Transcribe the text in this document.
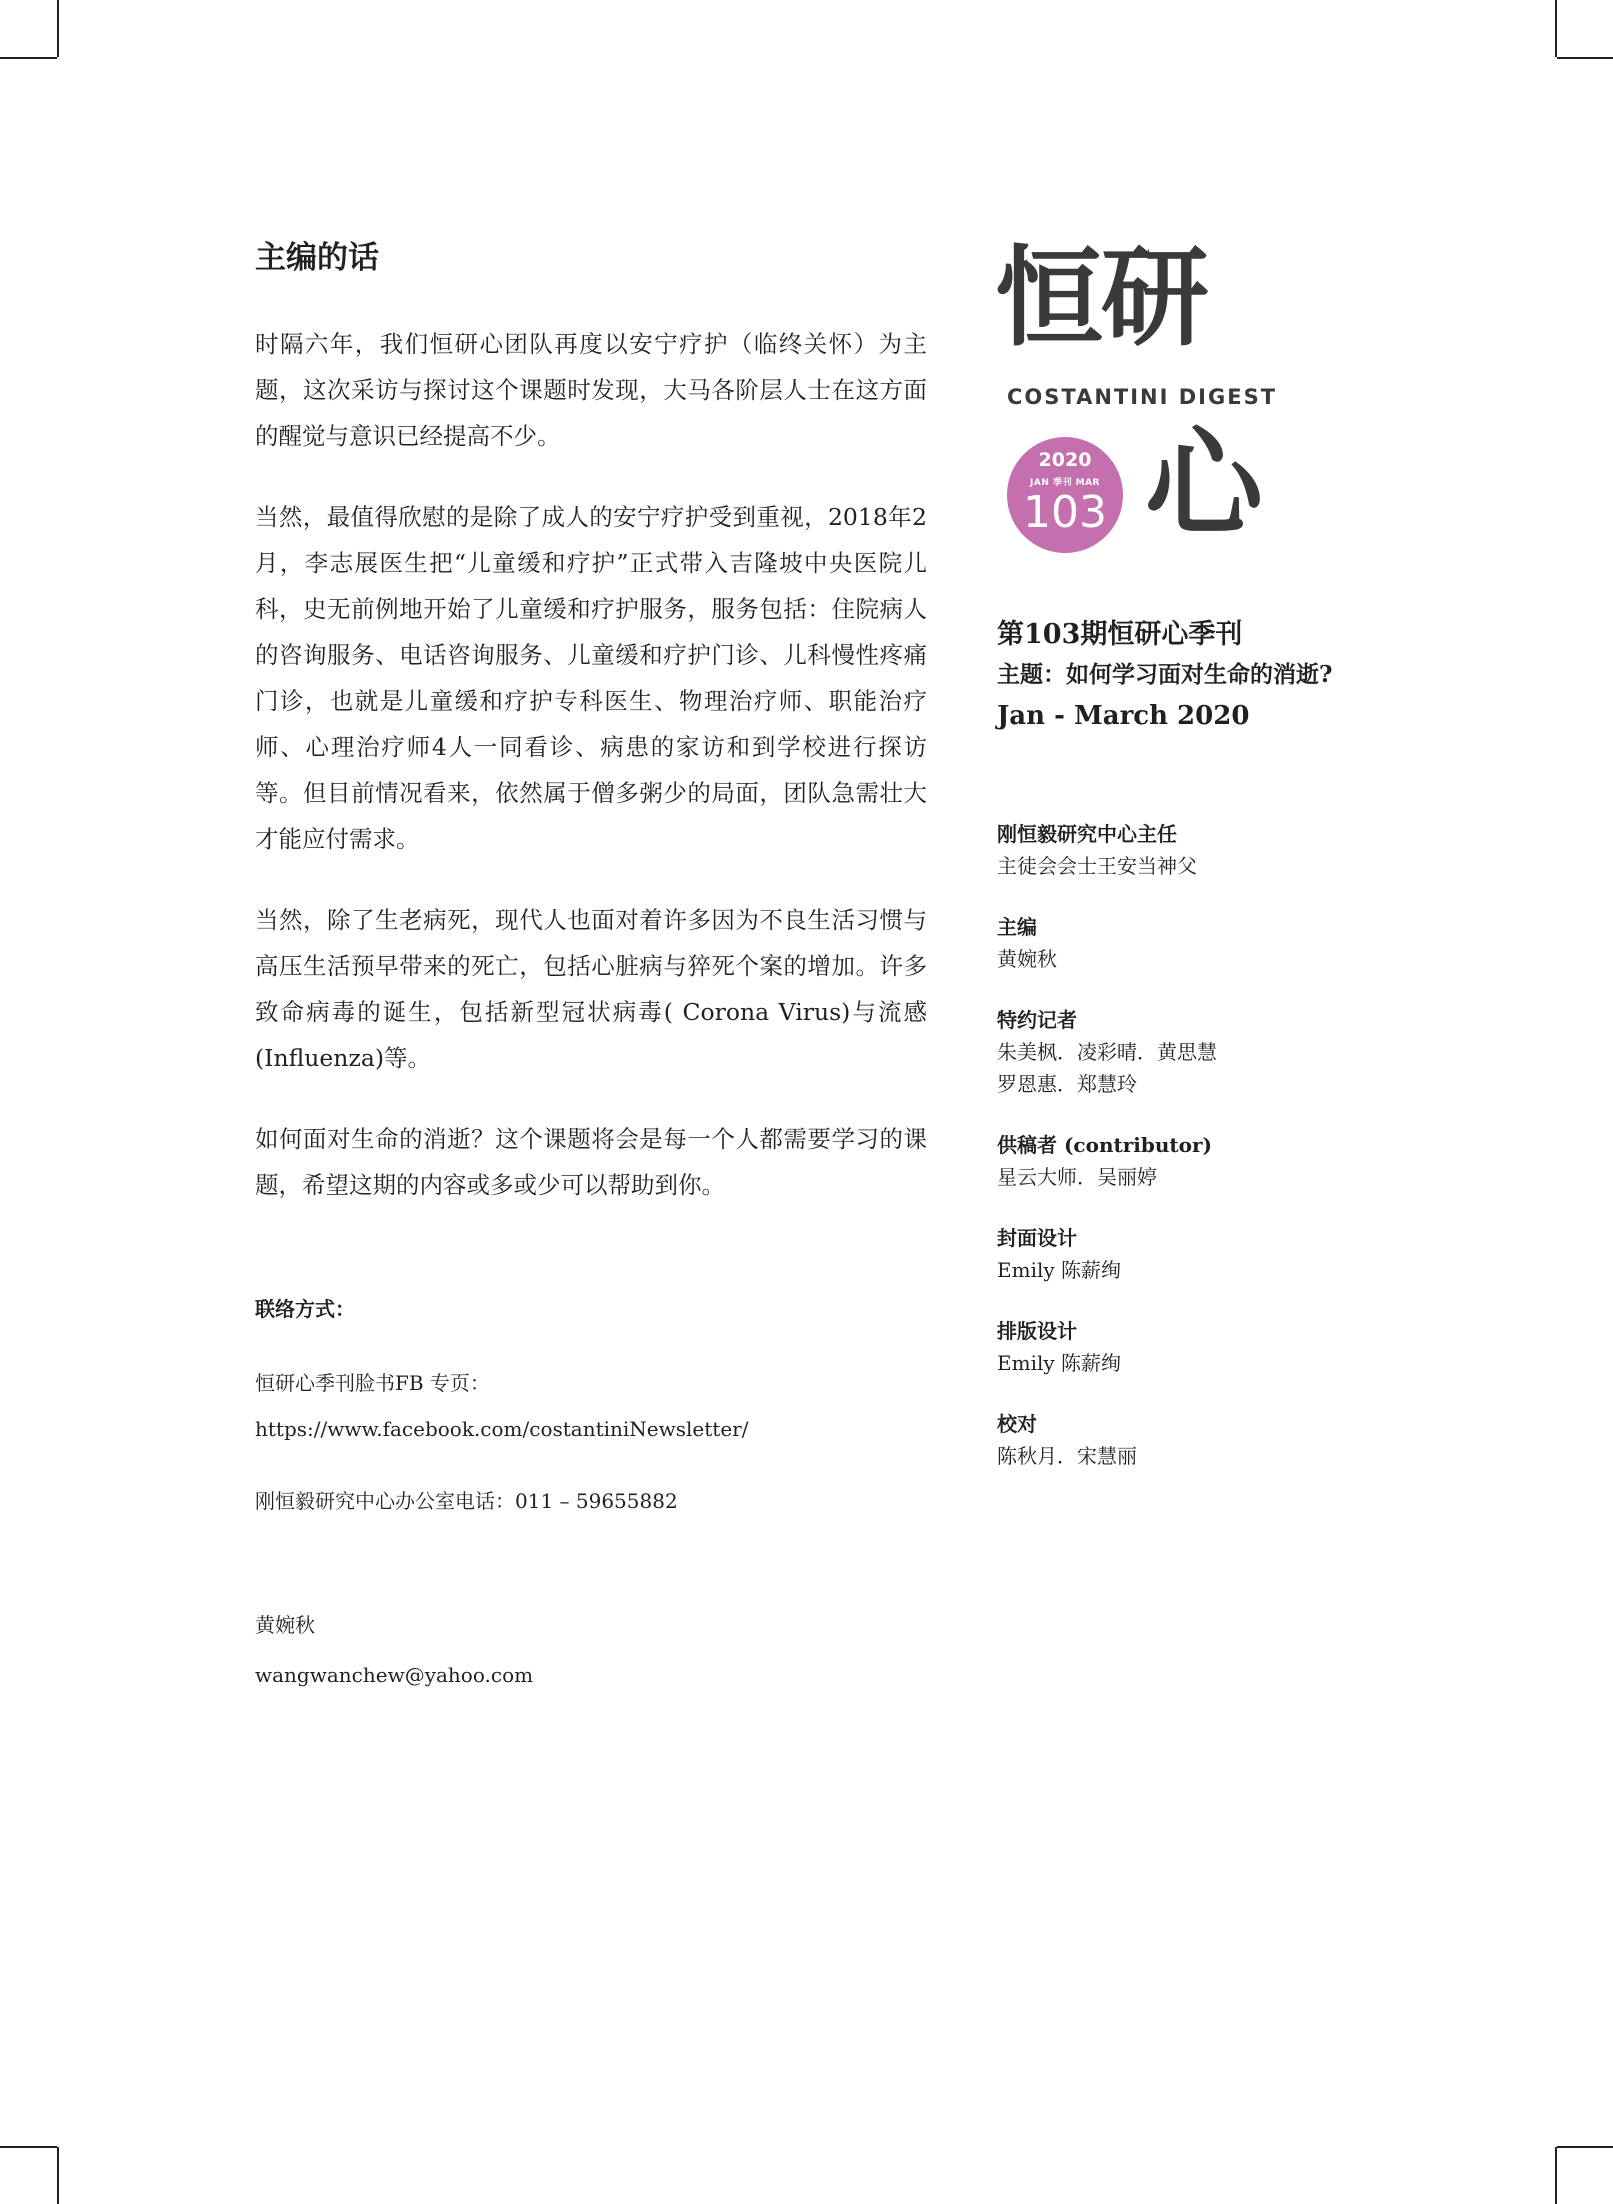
主编的话

时隔六年，我们恒研心团队再度以安宁疗护（临终关怀）为主题，这次采访与探讨这个课题时发现，大马各阶层人士在这方面的醒觉与意识已经提高不少。

当然，最值得欣慰的是除了成人的安宁疗护受到重视，2018年2月，李志展医生把“儿童缓和疗护”正式带入吉隆坡中央医院儿科，史无前例地开始了儿童缓和疗护服务，服务包括：住院病人的咨询服务、电话咨询服务、儿童缓和疗护门诊、儿科慢性疼痛门诊，也就是儿童缓和疗护专科医生、物理治疗师、职能治疗师、心理治疗师4人一同看诊、病患的家访和到学校进行探访等。但目前情况看来，依然属于僧多粥少的局面，团队急需壮大才能应付需求。

当然，除了生老病死，现代人也面对着许多因为不良生活习惯与高压生活预早带来的死亡，包括心脏病与猝死个案的增加。许多致命病毒的诞生，包括新型冠状病毒( Corona Virus)与流感 (Influenza)等。

如何面对生命的消逝？这个课题将会是每一个人都需要学习的课题，希望这期的内容或多或少可以帮助到你。

联络方式：
恒研心季刊脸书FB 专页：
https://www.facebook.com/costantiniNewsletter/
刚恒毅研究中心办公室电话：011 – 59655882
黄婉秋
wangwanchew@yahoo.com
恒研
COSTANTINI DIGEST
2020
JAN 季刊 MAR
103 心
第103期恒研心季刊
主题：如何学习面对生命的消逝?
Jan - March 2020
刚恒毅研究中心主任
主徒会会士王安当神父
主编
黄婉秋
特约记者
朱美枫．凌彩晴．黄思慧
罗恩惠．郑慧玲
供稿者 (contributor)
星云大师．吴丽婷
封面设计
Emily 陈薪绚
排版设计
Emily 陈薪绚
校对
陈秋月．宋慧丽
